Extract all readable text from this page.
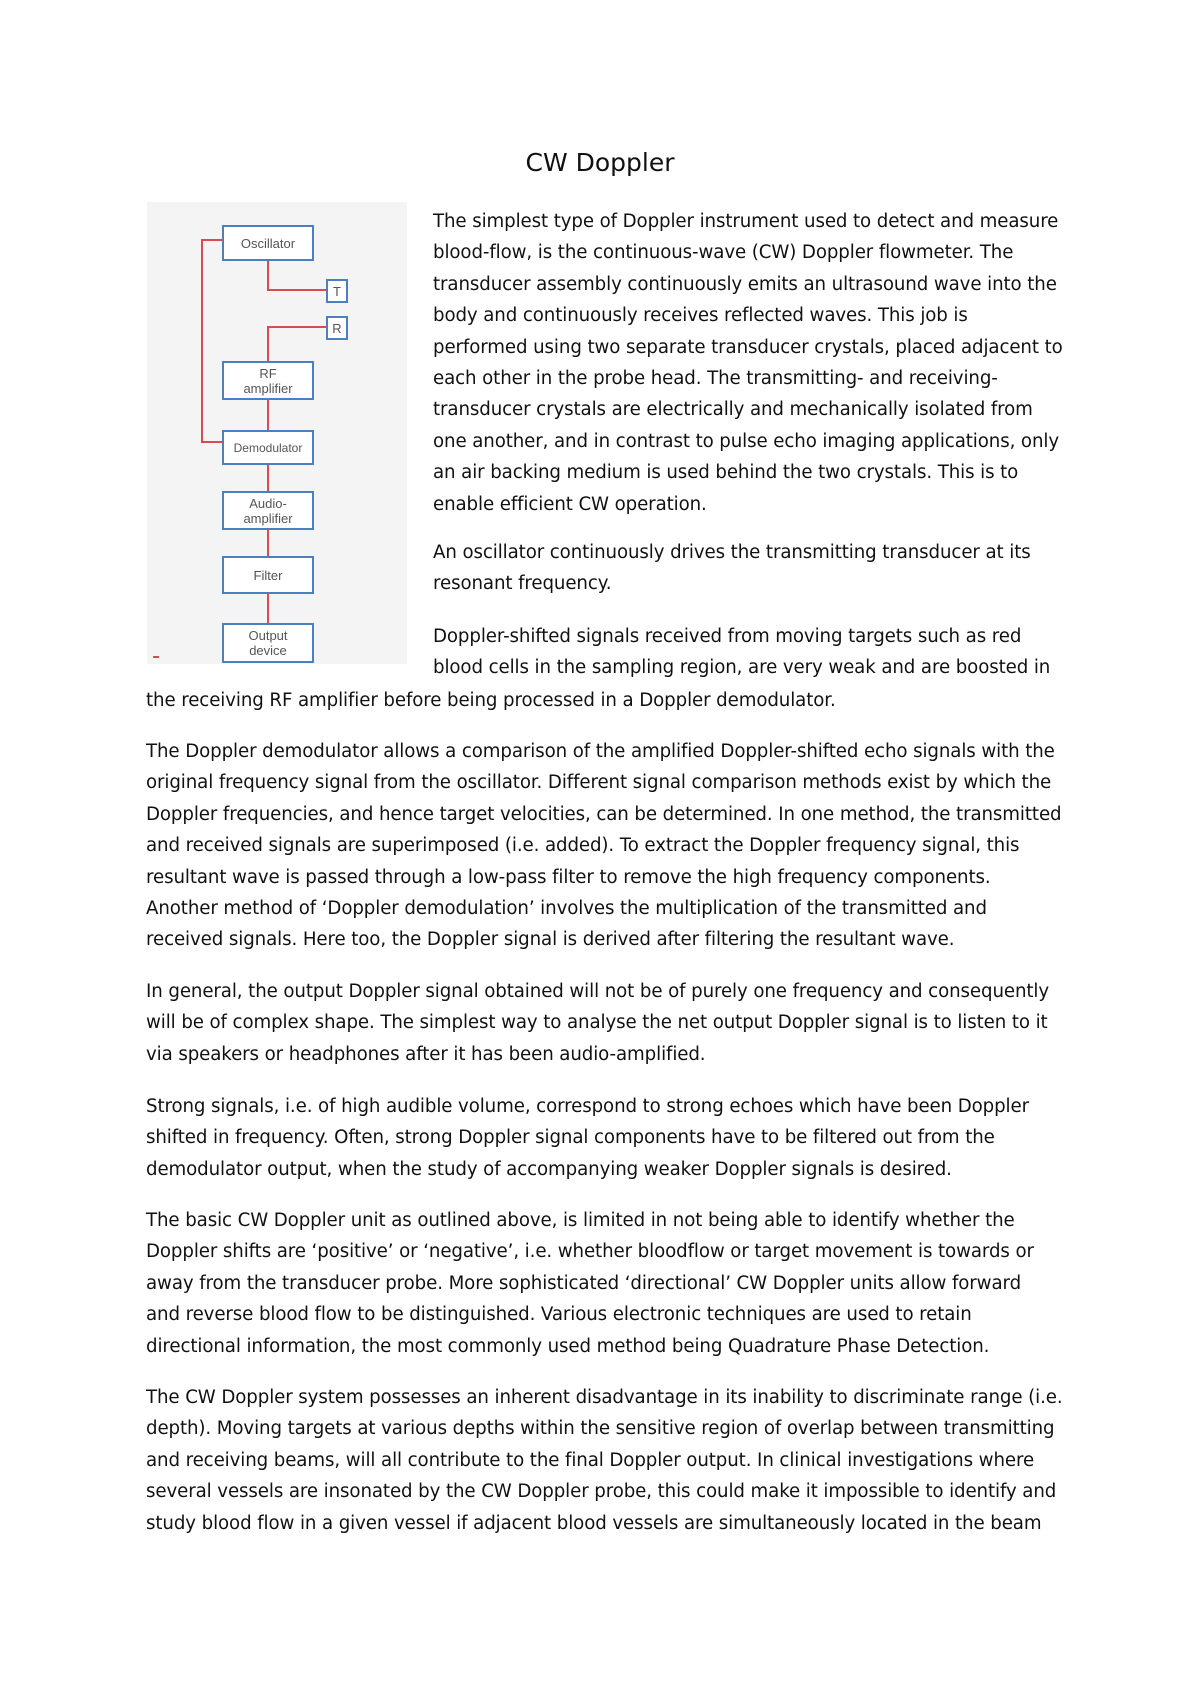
CW Doppler
Oscillator
T
R
RF
amplifier
Demodulator
Audio-
amplifier
Filter
Output
device
The simplest type of Doppler instrument used to detect and measure
blood-flow, is the continuous-wave (CW) Doppler flowmeter. The
transducer assembly continuously emits an ultrasound wave into the
body and continuously receives reflected waves. This job is
performed using two separate transducer crystals, placed adjacent to
each other in the probe head. The transmitting- and receiving-
transducer crystals are electrically and mechanically isolated from
one another, and in contrast to pulse echo imaging applications, only
an air backing medium is used behind the two crystals. This is to
enable efficient CW operation.
An oscillator continuously drives the transmitting transducer at its
resonant frequency.
Doppler-shifted signals received from moving targets such as red
blood cells in the sampling region, are very weak and are boosted in
the receiving RF amplifier before being processed in a Doppler demodulator.
The Doppler demodulator allows a comparison of the amplified Doppler-shifted echo signals with the
original frequency signal from the oscillator. Different signal comparison methods exist by which the
Doppler frequencies, and hence target velocities, can be determined. In one method, the transmitted
and received signals are superimposed (i.e. added). To extract the Doppler frequency signal, this
resultant wave is passed through a low-pass filter to remove the high frequency components.
Another method of ‘Doppler demodulation’ involves the multiplication of the transmitted and
received signals. Here too, the Doppler signal is derived after filtering the resultant wave.
In general, the output Doppler signal obtained will not be of purely one frequency and consequently
will be of complex shape. The simplest way to analyse the net output Doppler signal is to listen to it
via speakers or headphones after it has been audio-amplified.
Strong signals, i.e. of high audible volume, correspond to strong echoes which have been Doppler
shifted in frequency. Often, strong Doppler signal components have to be filtered out from the
demodulator output, when the study of accompanying weaker Doppler signals is desired.
The basic CW Doppler unit as outlined above, is limited in not being able to identify whether the
Doppler shifts are ‘positive’ or ‘negative’, i.e. whether bloodflow or target movement is towards or
away from the transducer probe. More sophisticated ‘directional’ CW Doppler units allow forward
and reverse blood flow to be distinguished. Various electronic techniques are used to retain
directional information, the most commonly used method being Quadrature Phase Detection.
The CW Doppler system possesses an inherent disadvantage in its inability to discriminate range (i.e.
depth). Moving targets at various depths within the sensitive region of overlap between transmitting
and receiving beams, will all contribute to the final Doppler output. In clinical investigations where
several vessels are insonated by the CW Doppler probe, this could make it impossible to identify and
study blood flow in a given vessel if adjacent blood vessels are simultaneously located in the beam
